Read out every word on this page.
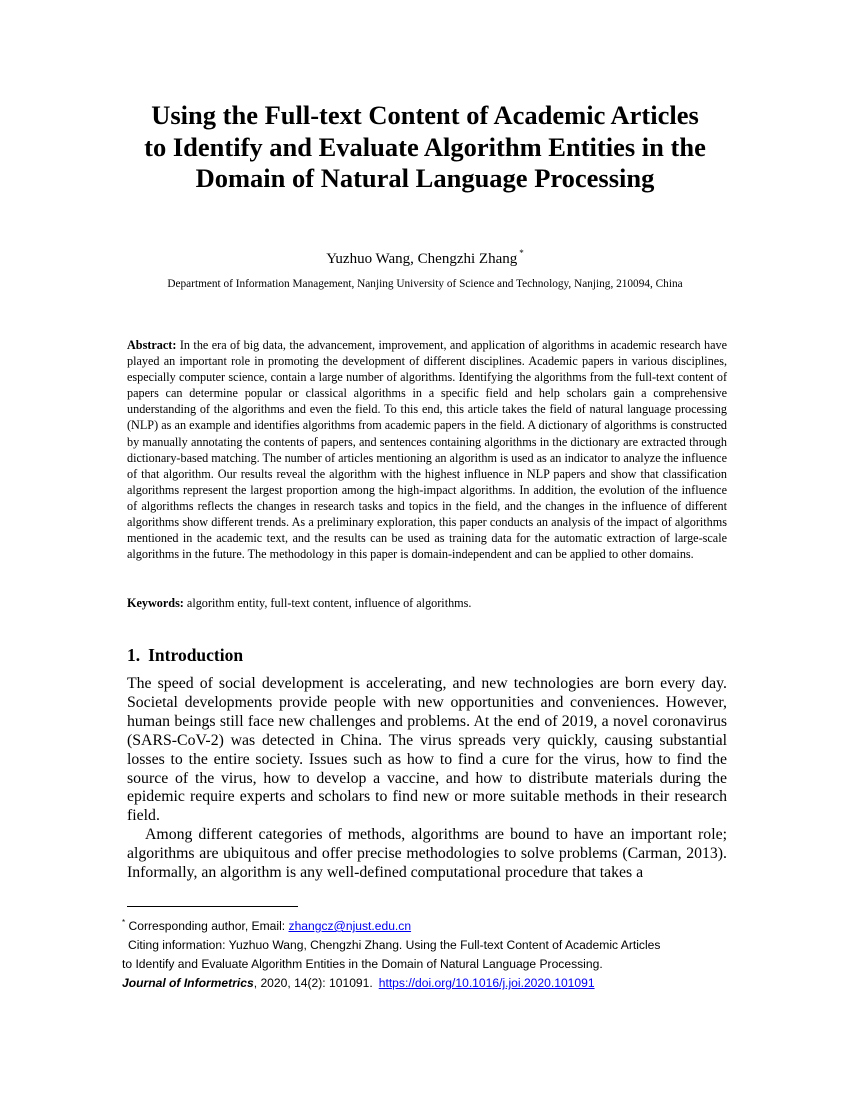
Using the Full-text Content of Academic Articles
to Identify and Evaluate Algorithm Entities in the
Domain of Natural Language Processing
Yuzhuo Wang, Chengzhi Zhang *
Department of Information Management, Nanjing University of Science and Technology, Nanjing, 210094, China

Abstract: In the era of big data, the advancement, improvement, and application of algorithms in academic research have played an important role in promoting the development of different disciplines. Academic papers in various disciplines, especially computer science, contain a large number of algorithms. Identifying the algorithms from the full-text content of papers can determine popular or classical algorithms in a specific field and help scholars gain a comprehensive understanding of the algorithms and even the field. To this end, this article takes the field of natural language processing (NLP) as an example and identifies algorithms from academic papers in the field. A dictionary of algorithms is constructed by manually annotating the contents of papers, and sentences containing algorithms in the dictionary are extracted through dictionary-based matching. The number of articles mentioning an algorithm is used as an indicator to analyze the influence of that algorithm. Our results reveal the algorithm with the highest influence in NLP papers and show that classification algorithms represent the largest proportion among the high-impact algorithms. In addition, the evolution of the influence of algorithms reflects the changes in research tasks and topics in the field, and the changes in the influence of different algorithms show different trends. As a preliminary exploration, this paper conducts an analysis of the impact of algorithms mentioned in the academic text, and the results can be used as training data for the automatic extraction of large-scale algorithms in the future. The methodology in this paper is domain-independent and can be applied to other domains.

Keywords: algorithm entity, full-text content, influence of algorithms.

1. Introduction

The speed of social development is accelerating, and new technologies are born every day. Societal developments provide people with new opportunities and conveniences. However, human beings still face new challenges and problems. At the end of 2019, a novel coronavirus (SARS-CoV-2) was detected in China. The virus spreads very quickly, causing substantial losses to the entire society. Issues such as how to find a cure for the virus, how to find the source of the virus, how to develop a vaccine, and how to distribute materials during the epidemic require experts and scholars to find new or more suitable methods in their research field.

Among different categories of methods, algorithms are bound to have an important role; algorithms are ubiquitous and offer precise methodologies to solve problems (Carman, 2013). Informally, an algorithm is any well-defined computational procedure that takes a

* Corresponding author, Email: zhangcz@njust.edu.cn
Citing information: Yuzhuo Wang, Chengzhi Zhang. Using the Full-text Content of Academic Articles
to Identify and Evaluate Algorithm Entities in the Domain of Natural Language Processing.
Journal of Informetrics, 2020, 14(2): 101091. https://doi.org/10.1016/j.joi.2020.101091
